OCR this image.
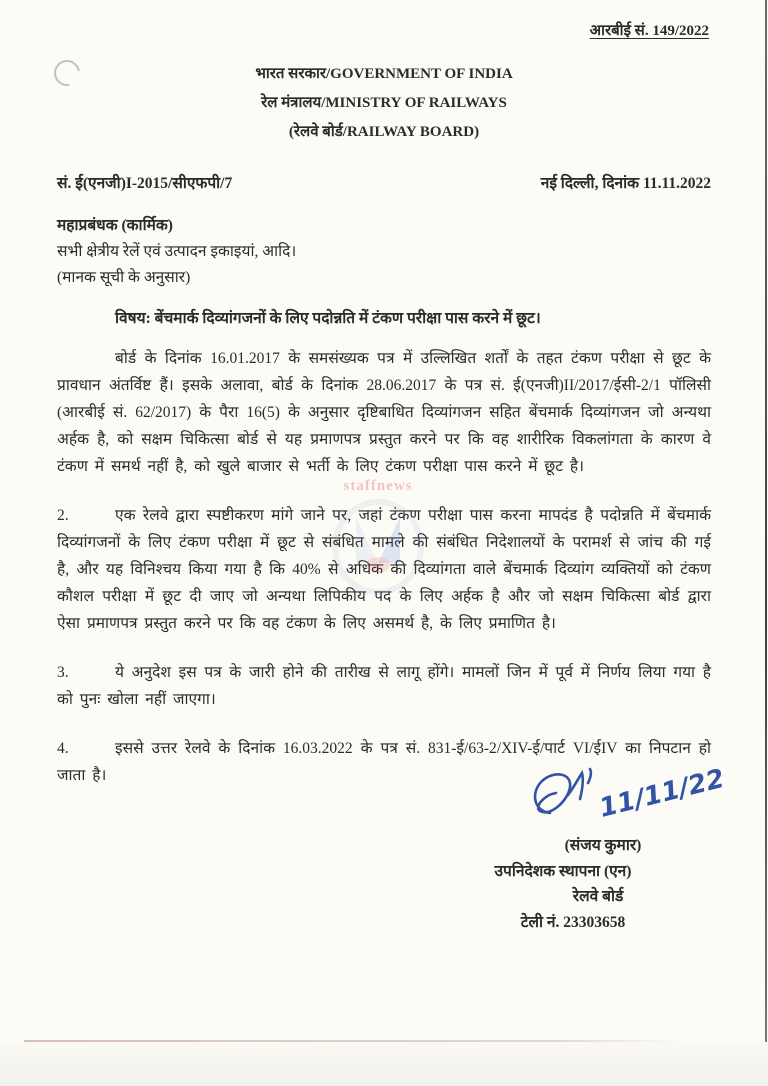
staffnews
आरबीई सं. 149/2022
भारत सरकार/GOVERNMENT OF INDIA
रेल मंत्रालय/MINISTRY OF RAILWAYS
(रेलवे बोर्ड/RAILWAY BOARD)
सं. ई(एनजी)I-2015/सीएफपी/7	नई दिल्ली, दिनांक 11.11.2022
महाप्रबंधक (कार्मिक)
सभी क्षेत्रीय रेलें एवं उत्पादन इकाइयां, आदि।
(मानक सूची के अनुसार)
विषय: बेंचमार्क दिव्यांगजनों के लिए पदोन्नति में टंकण परीक्षा पास करने में छूट।

बोर्ड के दिनांक 16.01.2017 के समसंख्यक पत्र में उल्लिखित शर्तों के तहत टंकण परीक्षा से छूट के प्रावधान अंतर्विष्ट हैं। इसके अलावा, बोर्ड के दिनांक 28.06.2017 के पत्र सं. ई(एनजी)II/2017/ईसी-2/1 पॉलिसी (आरबीई सं. 62/2017) के पैरा 16(5) के अनुसार दृष्टिबाधित दिव्यांगजन सहित बेंचमार्क दिव्यांगजन जो अन्यथा अर्हक है, को सक्षम चिकित्सा बोर्ड से यह प्रमाणपत्र प्रस्तुत करने पर कि वह शारीरिक विकलांगता के कारण वे टंकण में समर्थ नहीं है, को खुले बाजार से भर्ती के लिए टंकण परीक्षा पास करने में छूट है।

2.	एक रेलवे द्वारा स्पष्टीकरण मांगे जाने पर, जहां टंकण परीक्षा पास करना मापदंड है पदोन्नति में बेंचमार्क दिव्यांगजनों के लिए टंकण परीक्षा में छूट से संबंधित मामले की संबंधित निदेशालयों के परामर्श से जांच की गई है, और यह विनिश्चय किया गया है कि 40% से अधिक की दिव्यांगता वाले बेंचमार्क दिव्यांग व्यक्तियों को टंकण कौशल परीक्षा में छूट दी जाए जो अन्यथा लिपिकीय पद के लिए अर्हक है और जो सक्षम चिकित्सा बोर्ड द्वारा ऐसा प्रमाणपत्र प्रस्तुत करने पर कि वह टंकण के लिए असमर्थ है, के लिए प्रमाणित है।

3.	ये अनुदेश इस पत्र के जारी होने की तारीख से लागू होंगे। मामलों जिन में पूर्व में निर्णय लिया गया है को पुनः खोला नहीं जाएगा।

4.	इससे उत्तर रेलवे के दिनांक 16.03.2022 के पत्र सं. 831-ई/63-2/XIV-ई/पार्ट VI/ईIV का निपटान हो जाता है।	11/11/22
(संजय कुमार)
उपनिदेशक स्थापना (एन)
रेलवे बोर्ड
टेली नं. 23303658
